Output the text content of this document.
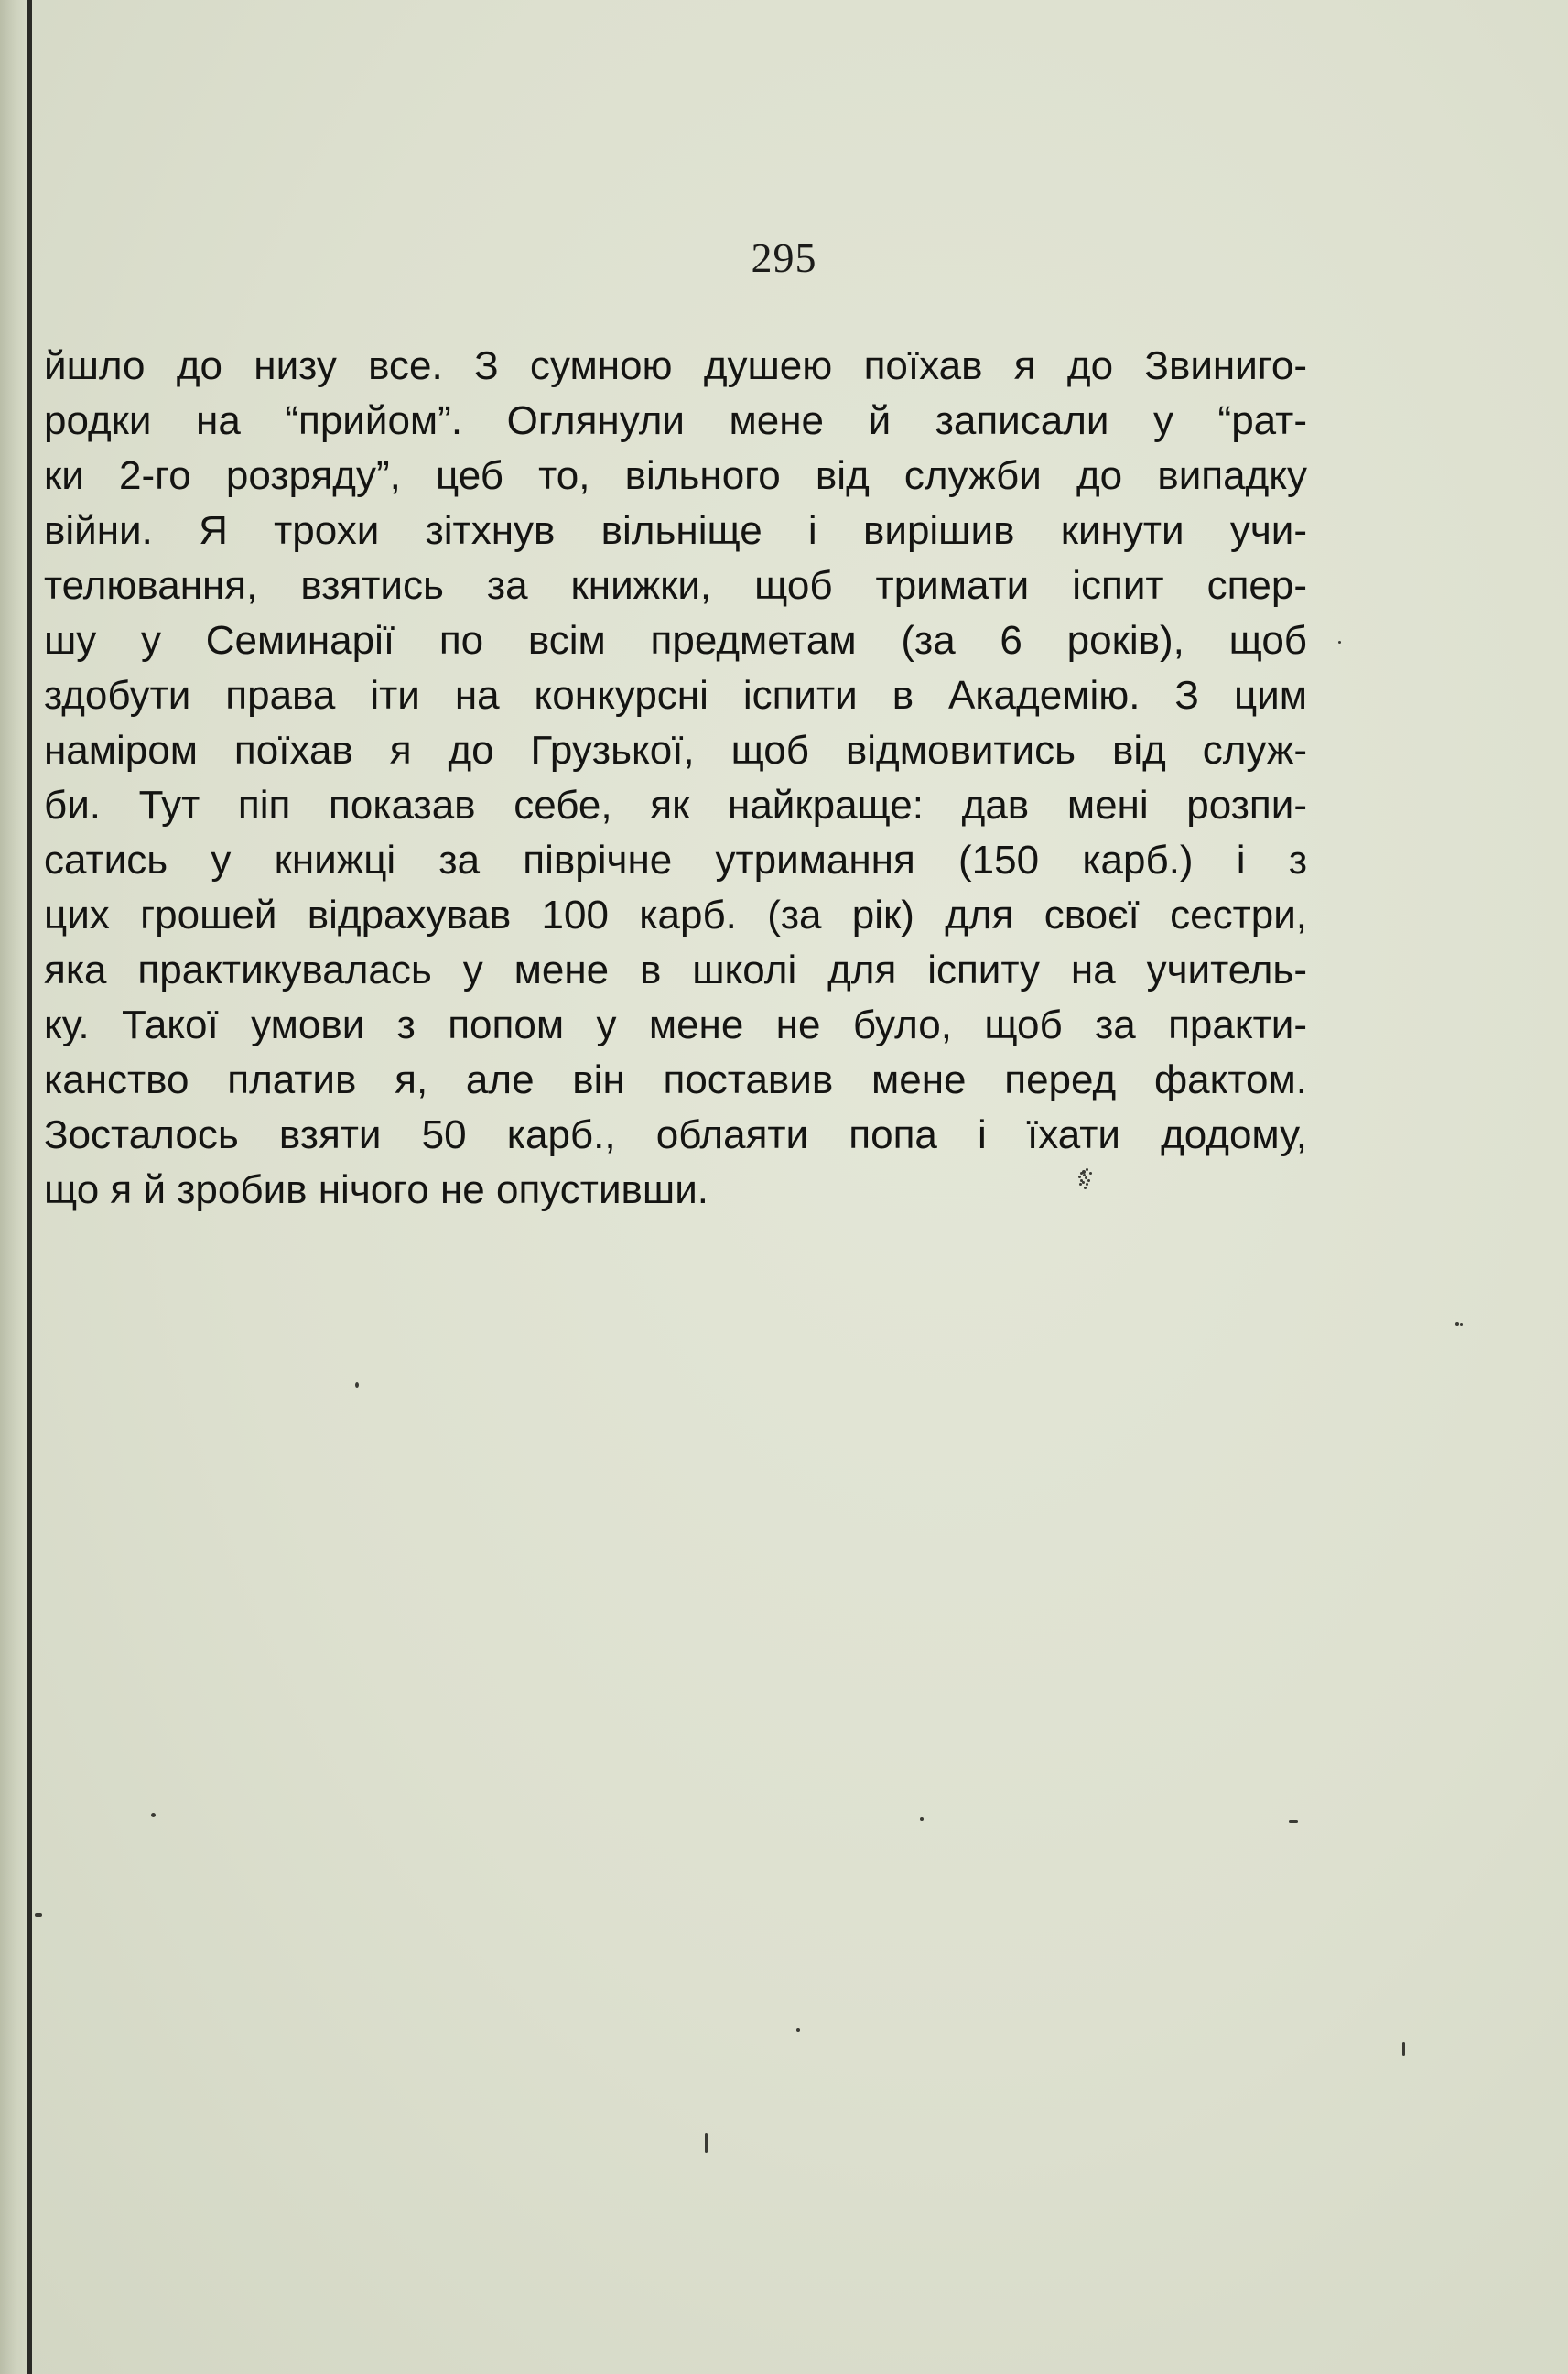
295
йшло до низу все. З сумною душею поїхав я до Звиниго-
родки на “прийом”. Оглянули мене й записали у “рат-
ки 2-го розряду”, цеб то, вільного від служби до випадку
війни. Я трохи зітхнув вільніще і вирішив кинути учи-
телювання, взятись за книжки, щоб тримати іспит спер-
шу у Семинарії по всім предметам (за 6 років), щоб
здобути права іти на конкурсні іспити в Академію. З цим
наміром поїхав я до Грузької, щоб відмовитись від служ-
би. Тут піп показав себе, як найкраще: дав мені розпи-
сатись у книжці за піврічне утримання (150 карб.) і з
цих грошей відрахував 100 карб. (за рік) для своєї сестри,
яка практикувалась у мене в школі для іспиту на учитель-
ку. Такої умови з попом у мене не було, щоб за практи-
канство платив я, але він поставив мене перед фактом.
Зосталось взяти 50 карб., облаяти попа і їхати додому,
що я й зробив нічого не опустивши.
